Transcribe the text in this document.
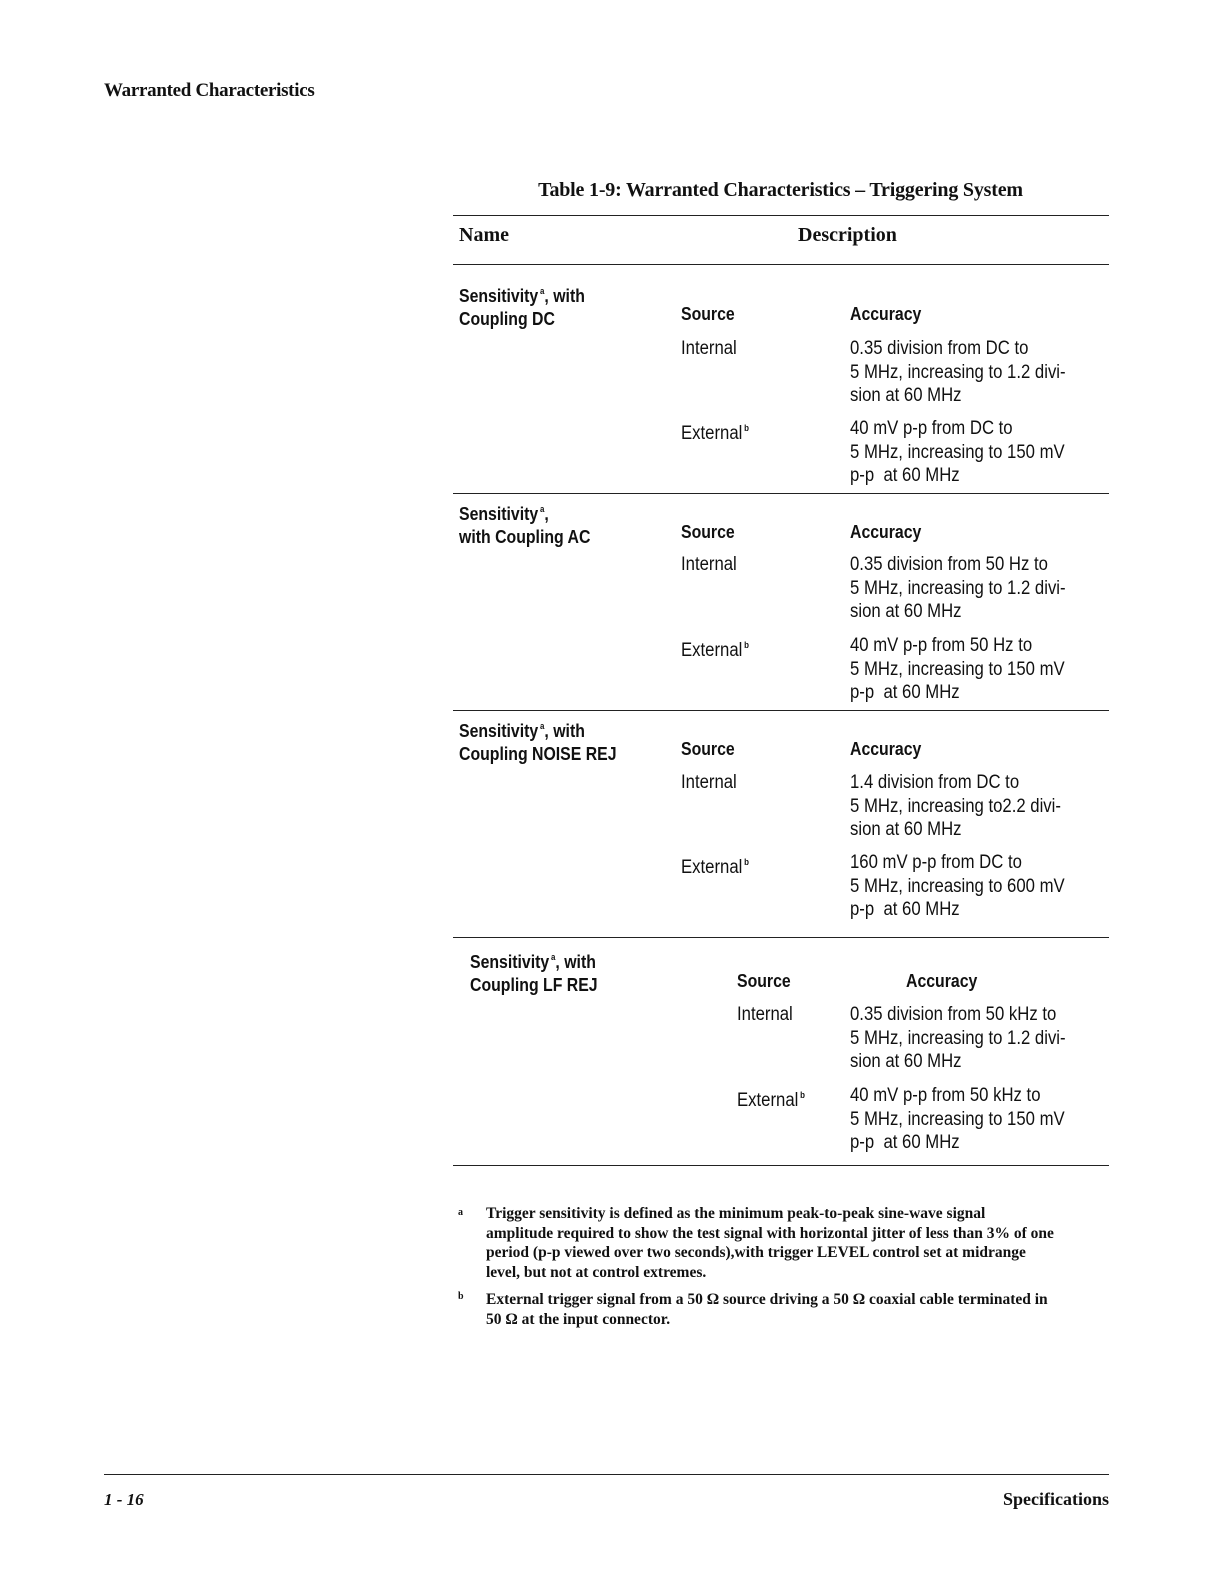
Warranted Characteristics
Table 1-9: Warranted Characteristics – Triggering System
Name	Description
Sensitivity $^a$, with
Coupling DC	Source	Accuracy
Internal	0.35 division from DC to
5 MHz, increasing to 1.2 divi-
sion at 60 MHz
External $^b$	40 mV p-p from DC to
5 MHz, increasing to 150 mV
p-p  at 60 MHz
Sensitivity $^a$,
with Coupling AC	Source	Accuracy
Internal	0.35 division from 50 Hz to
5 MHz, increasing to 1.2 divi-
sion at 60 MHz
External $^b$	40 mV p-p from 50 Hz to
5 MHz, increasing to 150 mV
p-p  at 60 MHz
Sensitivity $^a$, with
Coupling NOISE REJ	Source	Accuracy
Internal	1.4 division from DC to
5 MHz, increasing to2.2 divi-
sion at 60 MHz
External $^b$	160 mV p-p from DC to
5 MHz, increasing to 600 mV
p-p  at 60 MHz
Sensitivity $^a$, with
Coupling LF REJ	Source	Accuracy
Internal	0.35 division from 50 kHz to
5 MHz, increasing to 1.2 divi-
sion at 60 MHz
External $^b$ 40 mV p-p from 50 kHz to
5 MHz, increasing to 150 mV
p-p  at 60 MHz
a Trigger sensitivity is defined as the minimum peak-to-peak sine-wave signal amplitude required to show the test signal with horizontal jitter of less than 3% of one period (p-p viewed over two seconds),with trigger LEVEL control set at midrange level, but not at control extremes.
b External trigger signal from a 50 Ω source driving a 50 Ω coaxial cable terminated in 50 Ω at the input connector.
1 - 16	Specifications
